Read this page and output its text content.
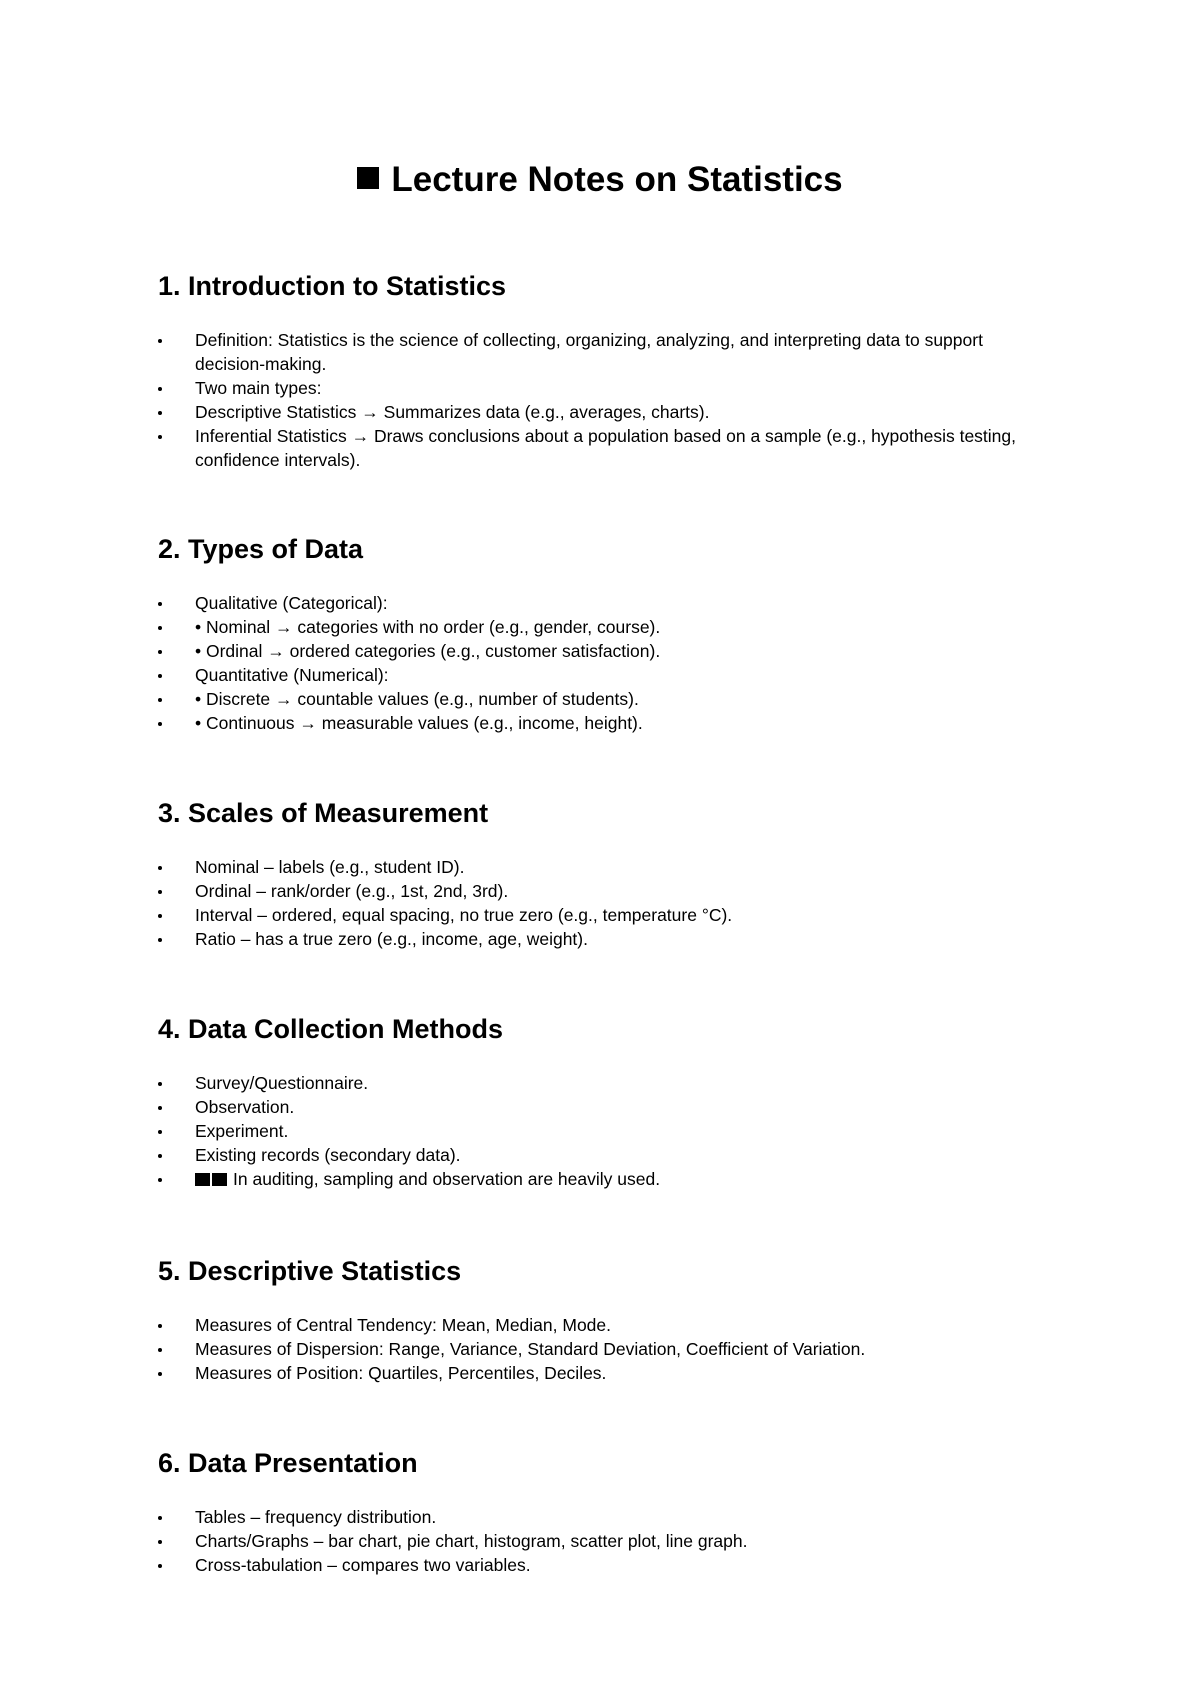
Lecture Notes on Statistics
1. Introduction to Statistics
Definition: Statistics is the science of collecting, organizing, analyzing, and interpreting data to support decision-making.
Two main types:
Descriptive Statistics → Summarizes data (e.g., averages, charts).
Inferential Statistics → Draws conclusions about a population based on a sample (e.g., hypothesis testing, confidence intervals).
2. Types of Data
Qualitative (Categorical):
• Nominal → categories with no order (e.g., gender, course).
• Ordinal → ordered categories (e.g., customer satisfaction).
Quantitative (Numerical):
• Discrete → countable values (e.g., number of students).
• Continuous → measurable values (e.g., income, height).
3. Scales of Measurement
Nominal – labels (e.g., student ID).
Ordinal – rank/order (e.g., 1st, 2nd, 3rd).
Interval – ordered, equal spacing, no true zero (e.g., temperature °C).
Ratio – has a true zero (e.g., income, age, weight).
4. Data Collection Methods
Survey/Questionnaire.
Observation.
Experiment.
Existing records (secondary data).
In auditing, sampling and observation are heavily used.
5. Descriptive Statistics
Measures of Central Tendency: Mean, Median, Mode.
Measures of Dispersion: Range, Variance, Standard Deviation, Coefficient of Variation.
Measures of Position: Quartiles, Percentiles, Deciles.
6. Data Presentation
Tables – frequency distribution.
Charts/Graphs – bar chart, pie chart, histogram, scatter plot, line graph.
Cross-tabulation – compares two variables.
